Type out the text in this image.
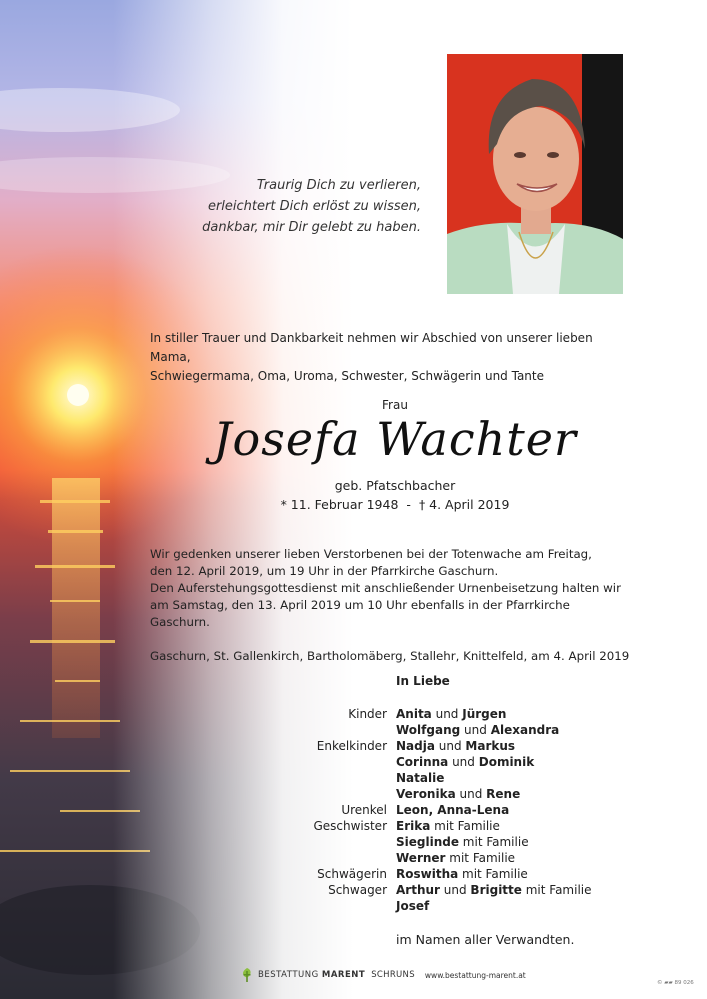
Traurig Dich zu verlieren,
erleichtert Dich erlöst zu wissen,
dankbar, mir Dir gelebt zu haben.
In stiller Trauer und Dankbarkeit nehmen wir Abschied von unserer lieben Mama,
Schwiegermama, Oma, Uroma, Schwester, Schwägerin und Tante
Frau
Josefa Wachter
geb. Pfatschbacher
* 11. Februar 1948 - † 4. April 2019

Wir gedenken unserer lieben Verstorbenen bei der Totenwache am Freitag,

den 12. April 2019, um 19 Uhr in der Pfarrkirche Gaschurn.

Den Auferstehungsgottesdienst mit anschließender Urnenbeisetzung halten wir

am Samstag, den 13. April 2019 um 10 Uhr ebenfalls in der Pfarrkirche Gaschurn.

Gaschurn, St. Gallenkirch, Bartholomäberg, Stallehr, Knittelfeld, am 4. April 2019

In Liebe
Kinder Anita und Jürgen
Wolfgang und Alexandra
Enkelkinder Nadja und Markus
Corinna und Dominik
Natalie
Veronika und Rene
Urenkel Leon, Anna-Lena
Geschwister Erika mit Familie
Sieglinde mit Familie
Werner mit Familie
Schwägerin Roswitha mit Familie
Schwager Arthur und Brigitte mit Familie
Josef
im Namen aller Verwandten.
BESTATTUNG MARENT SCHRUNS www.bestattung-marent.at
© ▰▰ 89 026
